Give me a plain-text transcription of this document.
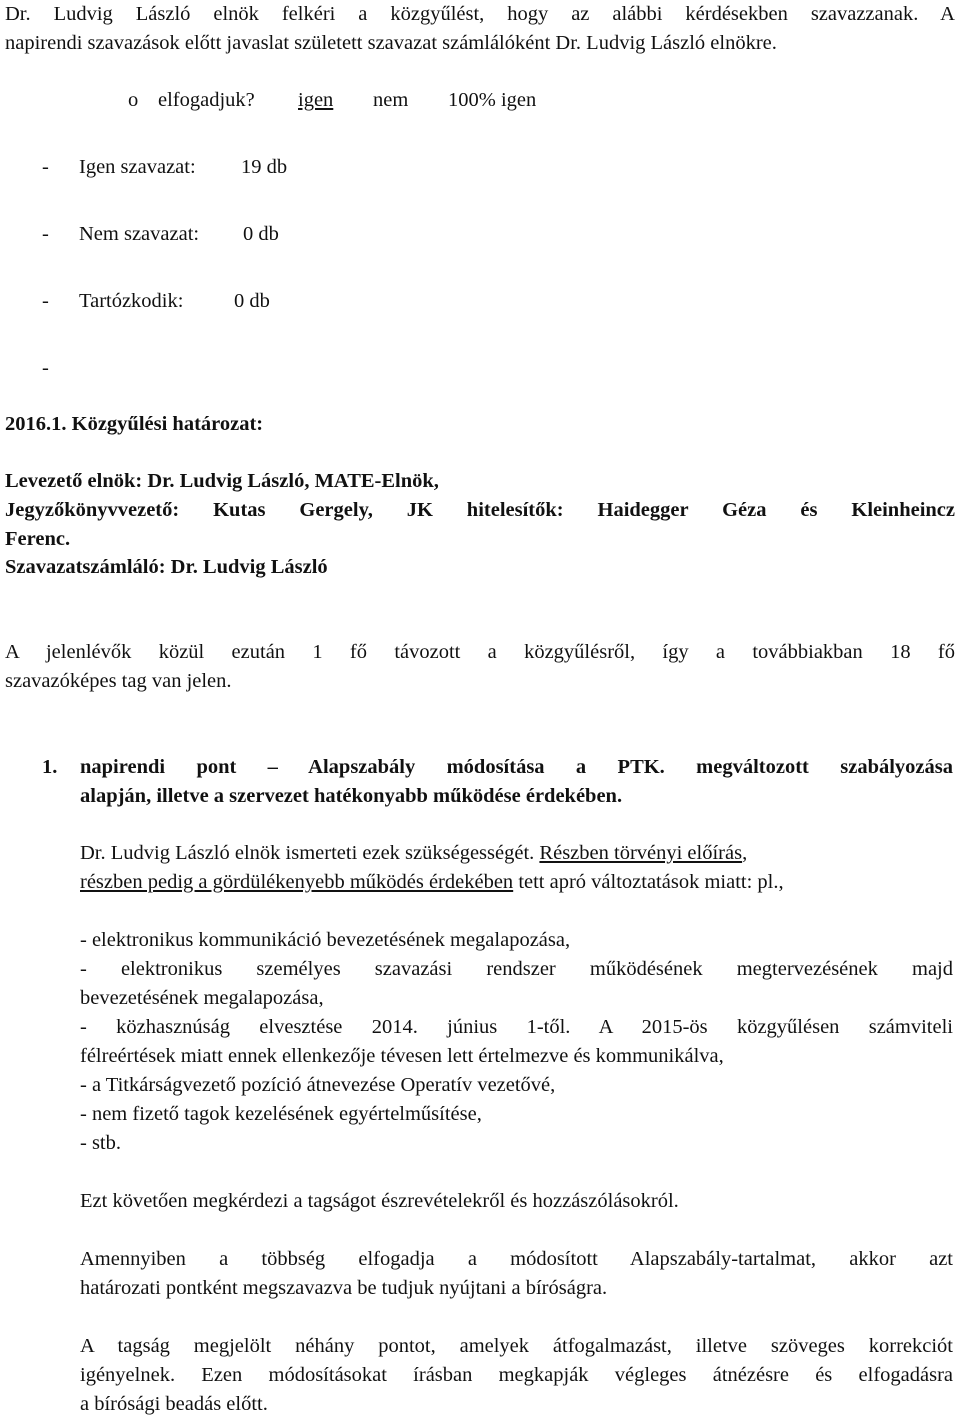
Dr. Ludvig László elnök felkéri a közgyűlést, hogy az alábbi kérdésekben szavazzanak. A
napirendi szavazások előtt javaslat született szavazat számlálóként Dr. Ludvig László elnökre.
o elfogadjuk? igen nem 100% igen
- Igen szavazat: 19 db
- Nem szavazat: 0 db
- Tartózkodik: 0 db
-
2016.1. Közgyűlési határozat:
Levezető elnök: Dr. Ludvig László, MATE-Elnök,
Jegyzőkönyvvezető: Kutas Gergely, JK hitelesítők: Haidegger Géza és Kleinheincz
Ferenc.
Szavazatszámláló: Dr. Ludvig László
A jelenlévők közül ezután 1 fő távozott a közgyűlésről, így a továbbiakban 18 fő
szavazóképes tag van jelen.
1. napirendi pont – Alapszabály módosítása a PTK. megváltozott szabályozása
alapján, illetve a szervezet hatékonyabb működése érdekében.
Dr. Ludvig László elnök ismerteti ezek szükségességét. Részben törvényi előírás,
részben pedig a gördülékenyebb működés érdekében tett apró változtatások miatt: pl.,
- elektronikus kommunikáció bevezetésének megalapozása,
- elektronikus személyes szavazási rendszer működésének megtervezésének majd
bevezetésének megalapozása,
- közhasznúság elvesztése 2014. június 1-től. A 2015-ös közgyűlésen számviteli
félreértések miatt ennek ellenkezője tévesen lett értelmezve és kommunikálva,
- a Titkárságvezető pozíció átnevezése Operatív vezetővé,
- nem fizető tagok kezelésének egyértelműsítése,
- stb.
Ezt követően megkérdezi a tagságot észrevételekről és hozzászólásokról.
Amennyiben a többség elfogadja a módosított Alapszabály-tartalmat, akkor azt
határozati pontként megszavazva be tudjuk nyújtani a bíróságra.
A tagság megjelölt néhány pontot, amelyek átfogalmazást, illetve szöveges korrekciót
igényelnek. Ezen módosításokat írásban megkapják végleges átnézésre és elfogadásra
a bírósági beadás előtt.
